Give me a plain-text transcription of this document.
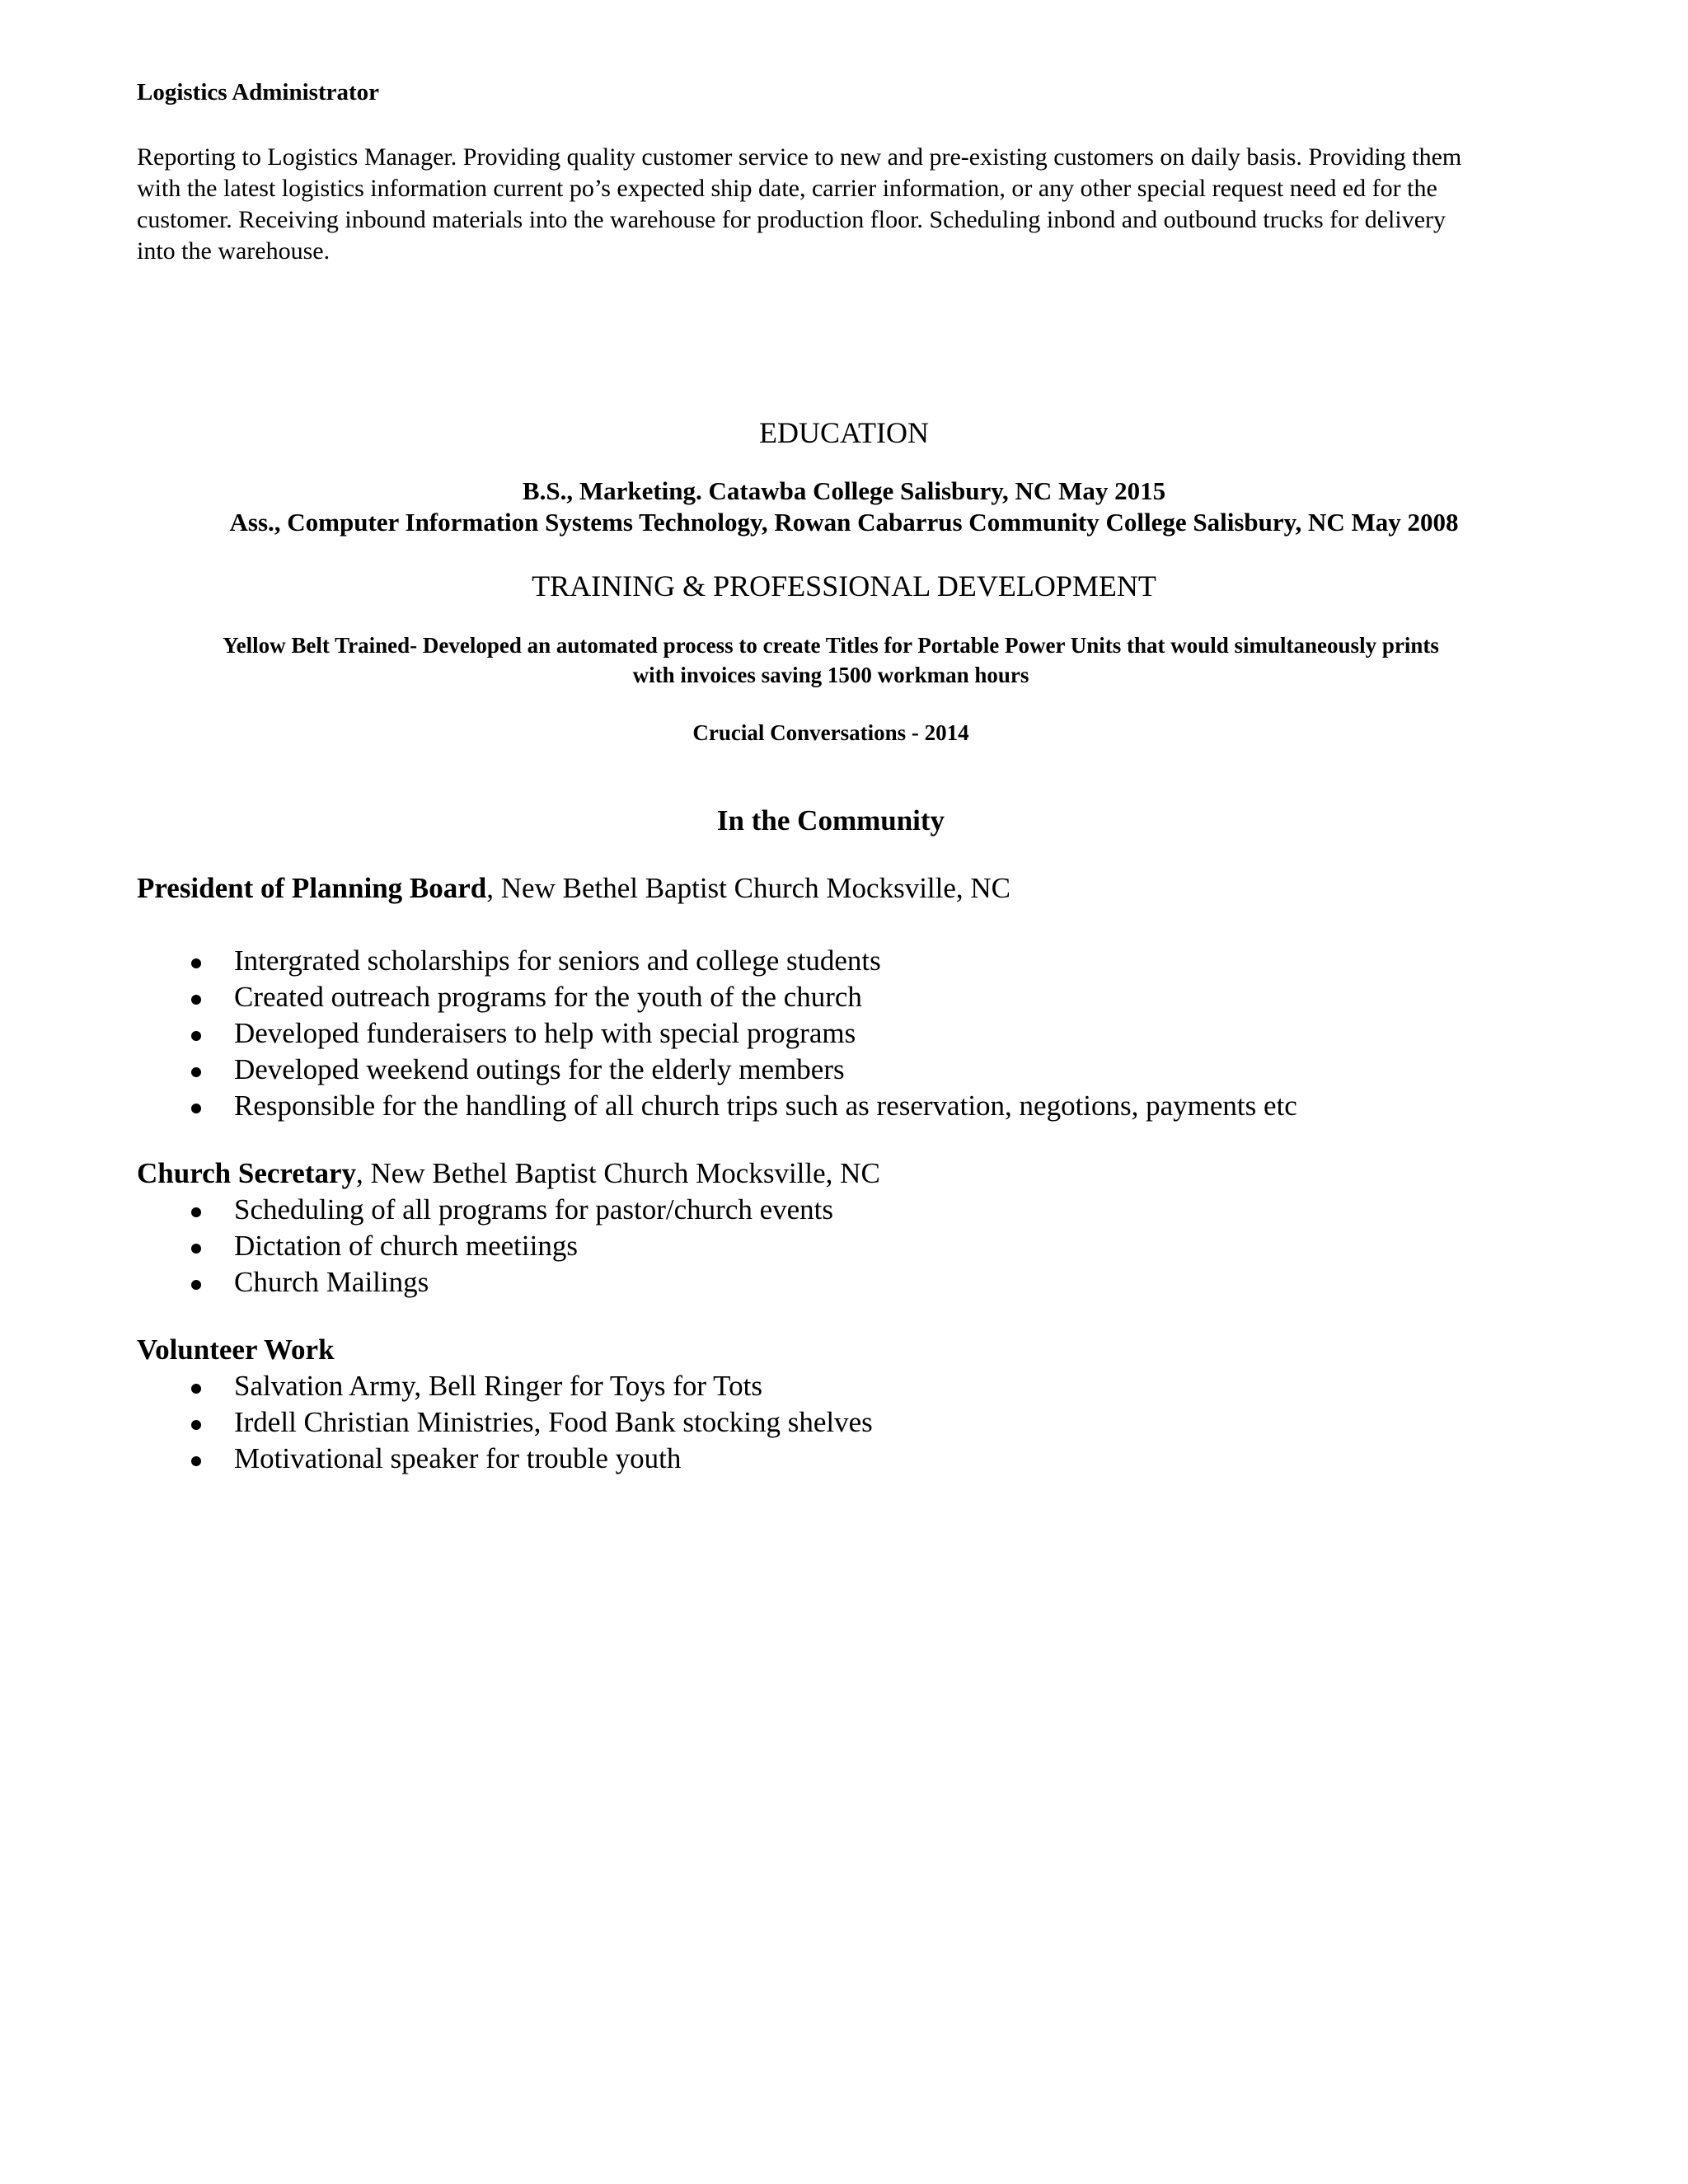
Logistics Administrator
Reporting to Logistics Manager. Providing quality customer service to new and pre-existing customers on daily basis. Providing them
with the latest logistics information current po’s expected ship date, carrier information, or any other special request need ed for the
customer. Receiving inbound materials into the warehouse for production floor. Scheduling inbond and outbound trucks for delivery
into the warehouse.
EDUCATION
B.S., Marketing. Catawba College Salisbury, NC May 2015
Ass., Computer Information Systems Technology, Rowan Cabarrus Community College Salisbury, NC May 2008
TRAINING & PROFESSIONAL DEVELOPMENT
Yellow Belt Trained- Developed an automated process to create Titles for Portable Power Units that would simultaneously prints
with invoices saving 1500 workman hours
Crucial Conversations - 2014
In the Community
President of Planning Board, New Bethel Baptist Church Mocksville, NC
Intergrated scholarships for seniors and college students
Created outreach programs for the youth of the church
Developed funderaisers to help with special programs
Developed weekend outings for the elderly members
Responsible for the handling of all church trips such as reservation, negotions, payments etc
Church Secretary, New Bethel Baptist Church Mocksville, NC
Scheduling of all programs for pastor/church events
Dictation of church meetiings
Church Mailings
Volunteer Work
Salvation Army, Bell Ringer for Toys for Tots
Irdell Christian Ministries, Food Bank stocking shelves
Motivational speaker for trouble youth
